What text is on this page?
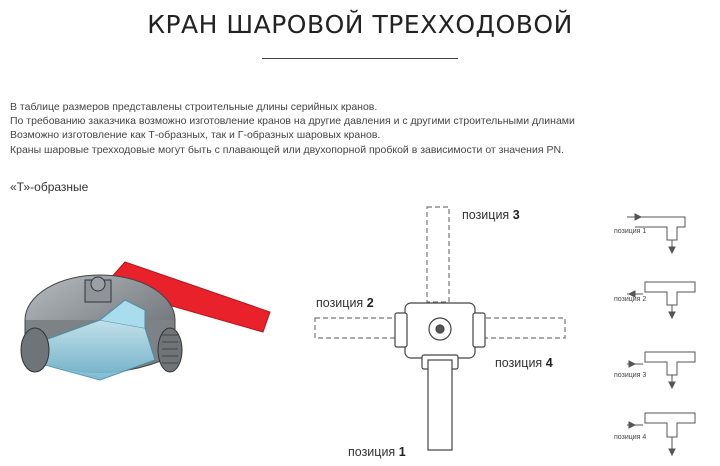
КРАН ШАРОВОЙ ТРЕХХОДОВОЙ
В таблице размеров представлены строительные длины серийных кранов.
По требованию заказчика возможно изготовление кранов на другие давления и с другими строительными длинами
Возможно изготовление как Т-образных, так и Г-образных шаровых кранов.
Краны шаровые трехходовые могут быть с плавающей или двухопорной пробкой в зависимости от значения PN.
«Т»-образные
позиция 3
позиция 2
позиция 4
позиция 1
позиция 1
позиция 2
позиция 3
позиция 4
